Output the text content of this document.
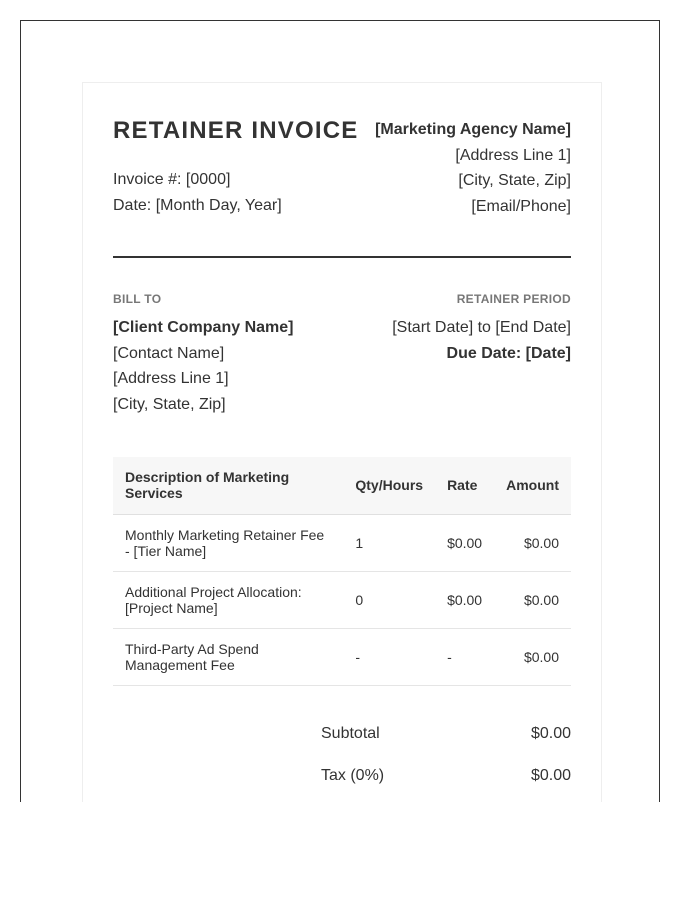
RETAINER INVOICE
Invoice #: [0000]
Date: [Month Day, Year]
[Marketing Agency Name]
[Address Line 1]
[City, State, Zip]
[Email/Phone]
BILL TO
[Client Company Name]
[Contact Name]
[Address Line 1]
[City, State, Zip]
RETAINER PERIOD
[Start Date] to [End Date]
Due Date: [Date]
Description of Marketing Services	Qty/Hours	Rate	Amount
Monthly Marketing Retainer Fee - [Tier Name]	1	$0.00	$0.00
Additional Project Allocation: [Project Name]	0	$0.00	$0.00
Third-Party Ad Spend Management Fee	-	-	$0.00
Subtotal	$0.00
Tax (0%)	$0.00
